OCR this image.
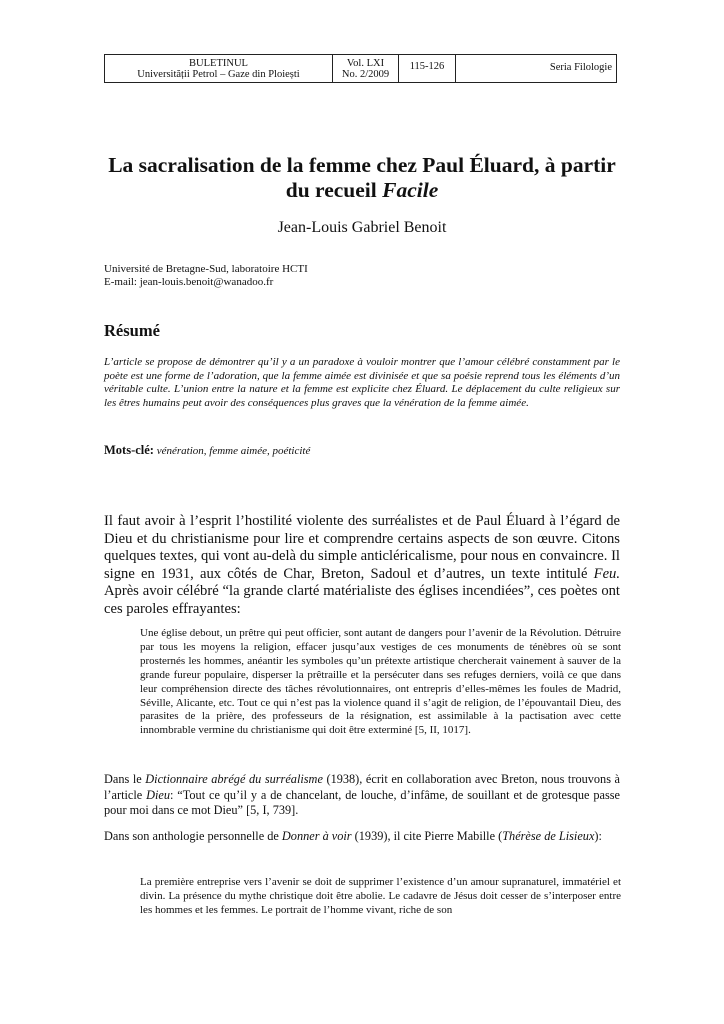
BULETINUL
Universității Petrol – Gaze din Ploiești
Vol. LXI
No. 2/2009
115-126	Seria Filologie
La sacralisation de la femme chez Paul Éluard, à partir du recueil Facile
Jean-Louis Gabriel Benoit
Université de Bretagne-Sud, laboratoire HCTI
E-mail: jean-louis.benoit@wanadoo.fr
Résumé

L’article se propose de démontrer qu’il y a un paradoxe à vouloir montrer que l’amour célébré constamment par le poète est une forme de l’adoration, que la femme aimée est divinisée et que sa poésie reprend tous les éléments d’un véritable culte. L’union entre la nature et la femme est explicite chez Éluard. Le déplacement du culte religieux sur les êtres humains peut avoir des conséquences plus graves que la vénération de la femme aimée.

Mots-clé: vénération, femme aimée, poéticité

Il faut avoir à l’esprit l’hostilité violente des surréalistes et de Paul Éluard à l’égard de Dieu et du christianisme pour lire et comprendre certains aspects de son œuvre. Citons quelques textes, qui vont au-delà du simple anticléricalisme, pour nous en convaincre. Il signe en 1931, aux côtés de Char, Breton, Sadoul et d’autres, un texte intitulé Feu. Après avoir célébré “la grande clarté matérialiste des églises incendiées”, ces poètes ont ces paroles effrayantes:

Une église debout, un prêtre qui peut officier, sont autant de dangers pour l’avenir de la Révolution. Détruire par tous les moyens la religion, effacer jusqu’aux vestiges de ces monuments de ténèbres où se sont prosternés les hommes, anéantir les symboles qu’un prétexte artistique chercherait vainement à sauver de la grande fureur populaire, disperser la prêtraille et la persécuter dans ses refuges derniers, voilà ce que dans leur compréhension directe des tâches révolutionnaires, ont entrepris d’elles-mêmes les foules de Madrid, Séville, Alicante, etc. Tout ce qui n’est pas la violence quand il s’agit de religion, de l’épouvantail Dieu, des parasites de la prière, des professeurs de la résignation, est assimilable à la pactisation avec cette innombrable vermine du christianisme qui doit être exterminé [5, II, 1017].

Dans le Dictionnaire abrégé du surréalisme (1938), écrit en collaboration avec Breton, nous trouvons à l’article Dieu: “Tout ce qu’il y a de chancelant, de louche, d’infâme, de souillant et de grotesque passe pour moi dans ce mot Dieu” [5, I, 739].

Dans son anthologie personnelle de Donner à voir (1939), il cite Pierre Mabille (Thérèse de Lisieux):

La première entreprise vers l’avenir se doit de supprimer l’existence d’un amour supranaturel, immatériel et divin. La présence du mythe christique doit être abolie. Le cadavre de Jésus doit cesser de s’interposer entre les hommes et les femmes. Le portrait de l’homme vivant, riche de son
